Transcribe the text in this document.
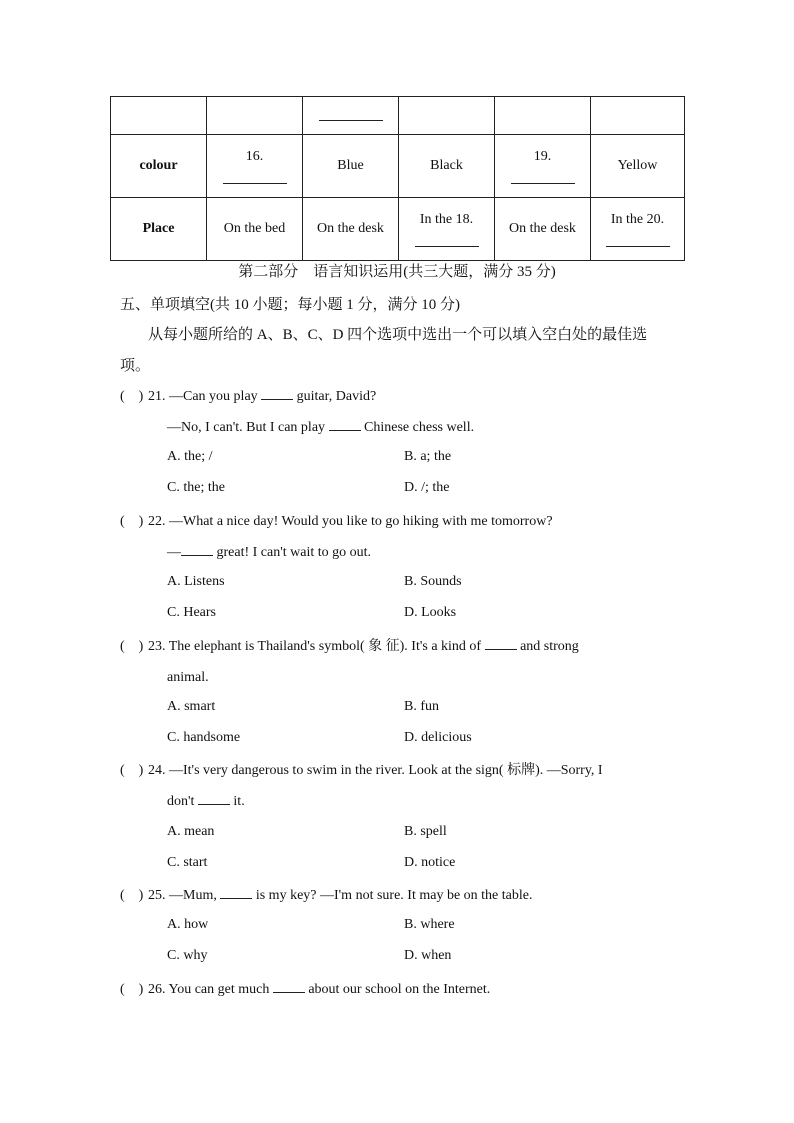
colour	16.	Blue	Black	19.	Yellow
Place	On the bed	On the desk	In the 18.	On the desk	In the 20.
第二部分　语言知识运用(共三大题，满分 35 分)
五、单项填空(共 10 小题；每小题 1 分，满分 10 分)
从每小题所给的 A、B、C、D 四个选项中选出一个可以填入空白处的最佳选项。
(　) 21. —Can you play	guitar, David?
—No, I can't. But I can play	Chinese chess well.
A. the; /	B. a; the
C. the; the	D. /; the
(　) 22. —What a nice day! Would you like to go hiking with me tomorrow?
—	great! I can't wait to go out.
A. Listens	B. Sounds
C. Hears	D. Looks
(　) 23. The elephant is Thailand's symbol( 象 征). It's a kind of	and strong
animal.
A. smart	B. fun
C. handsome	D. delicious
(　) 24. —It's very dangerous to swim in the river. Look at the sign( 标牌). —Sorry, I
don't	it.
A. mean	B. spell
C. start	D. notice
(　) 25. —Mum,	is my key? —I'm not sure. It may be on the table.
A. how	B. where
C. why	D. when
(　) 26. You can get much	about our school on the Internet.
